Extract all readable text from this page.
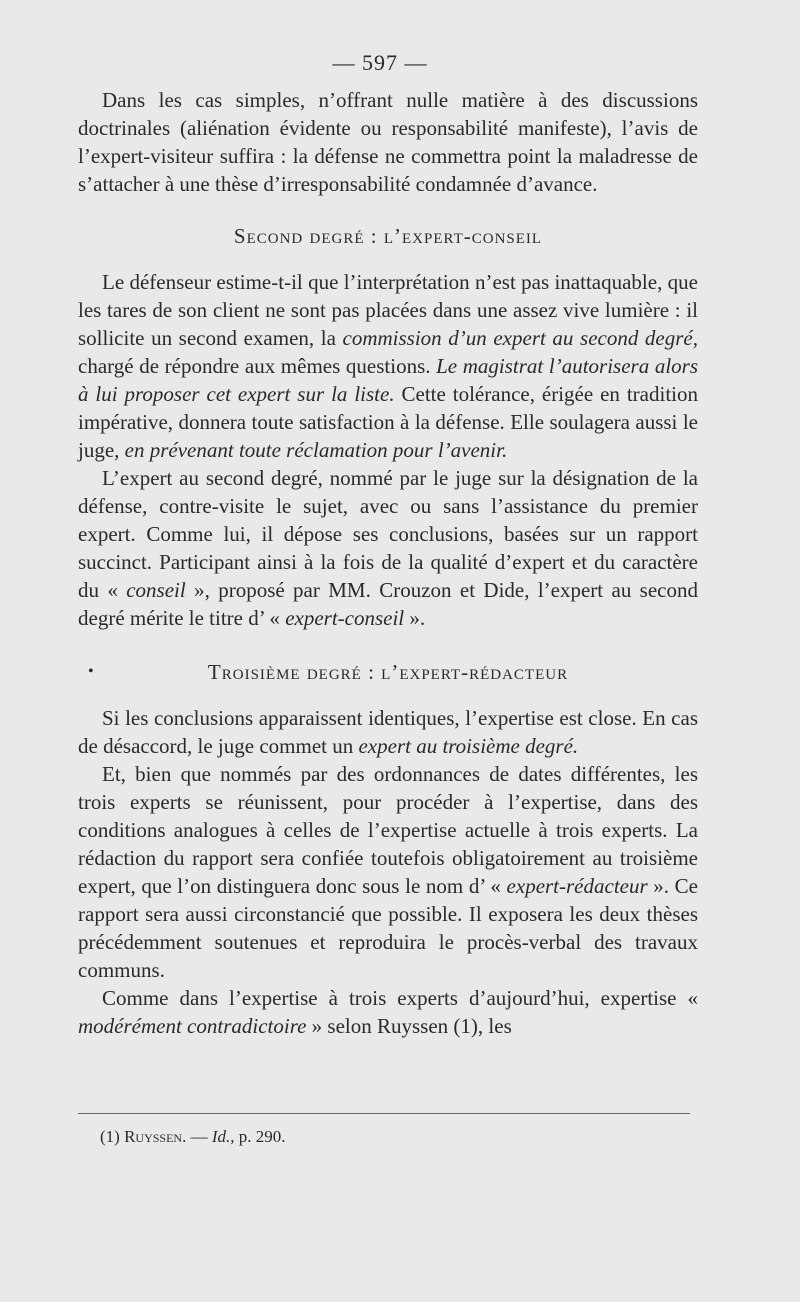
— 597 —

Dans les cas simples, n’offrant nulle matière à des discussions doctrinales (aliénation évidente ou responsabilité manifeste), l’avis de l’expert-visiteur suffira : la défense ne commettra point la maladresse de s’attacher à une thèse d’irresponsabilité condamnée d’avance.

Second degré : l’expert-conseil

Le défenseur estime-t-il que l’interprétation n’est pas inattaquable, que les tares de son client ne sont pas placées dans une assez vive lumière : il sollicite un second examen, la commission d’un expert au second degré, chargé de répondre aux mêmes questions. Le magistrat l’autorisera alors à lui proposer cet expert sur la liste. Cette tolérance, érigée en tradition impérative, donnera toute satisfaction à la défense. Elle soulagera aussi le juge, en prévenant toute réclamation pour l’avenir.

L’expert au second degré, nommé par le juge sur la désignation de la défense, contre-visite le sujet, avec ou sans l’assistance du premier expert. Comme lui, il dépose ses conclusions, basées sur un rapport succinct. Participant ainsi à la fois de la qualité d’expert et du caractère du « conseil », proposé par MM. Crouzon et Dide, l’expert au second degré mérite le titre d’ « expert-conseil ».

•	Troisième degré : l’expert-rédacteur

Si les conclusions apparaissent identiques, l’expertise est close. En cas de désaccord, le juge commet un expert au troisième degré.

Et, bien que nommés par des ordonnances de dates différentes, les trois experts se réunissent, pour procéder à l’expertise, dans des conditions analogues à celles de l’expertise actuelle à trois experts. La rédaction du rapport sera confiée toutefois obligatoirement au troisième expert, que l’on distinguera donc sous le nom d’ « expert-rédacteur ». Ce rapport sera aussi circonstancié que possible. Il exposera les deux thèses précédemment soutenues et reproduira le procès-verbal des travaux communs.

Comme dans l’expertise à trois experts d’aujourd’hui, expertise « modérément contradictoire » selon Ruyssen (1), les

(1) Ruyssen. — Id., p. 290.
